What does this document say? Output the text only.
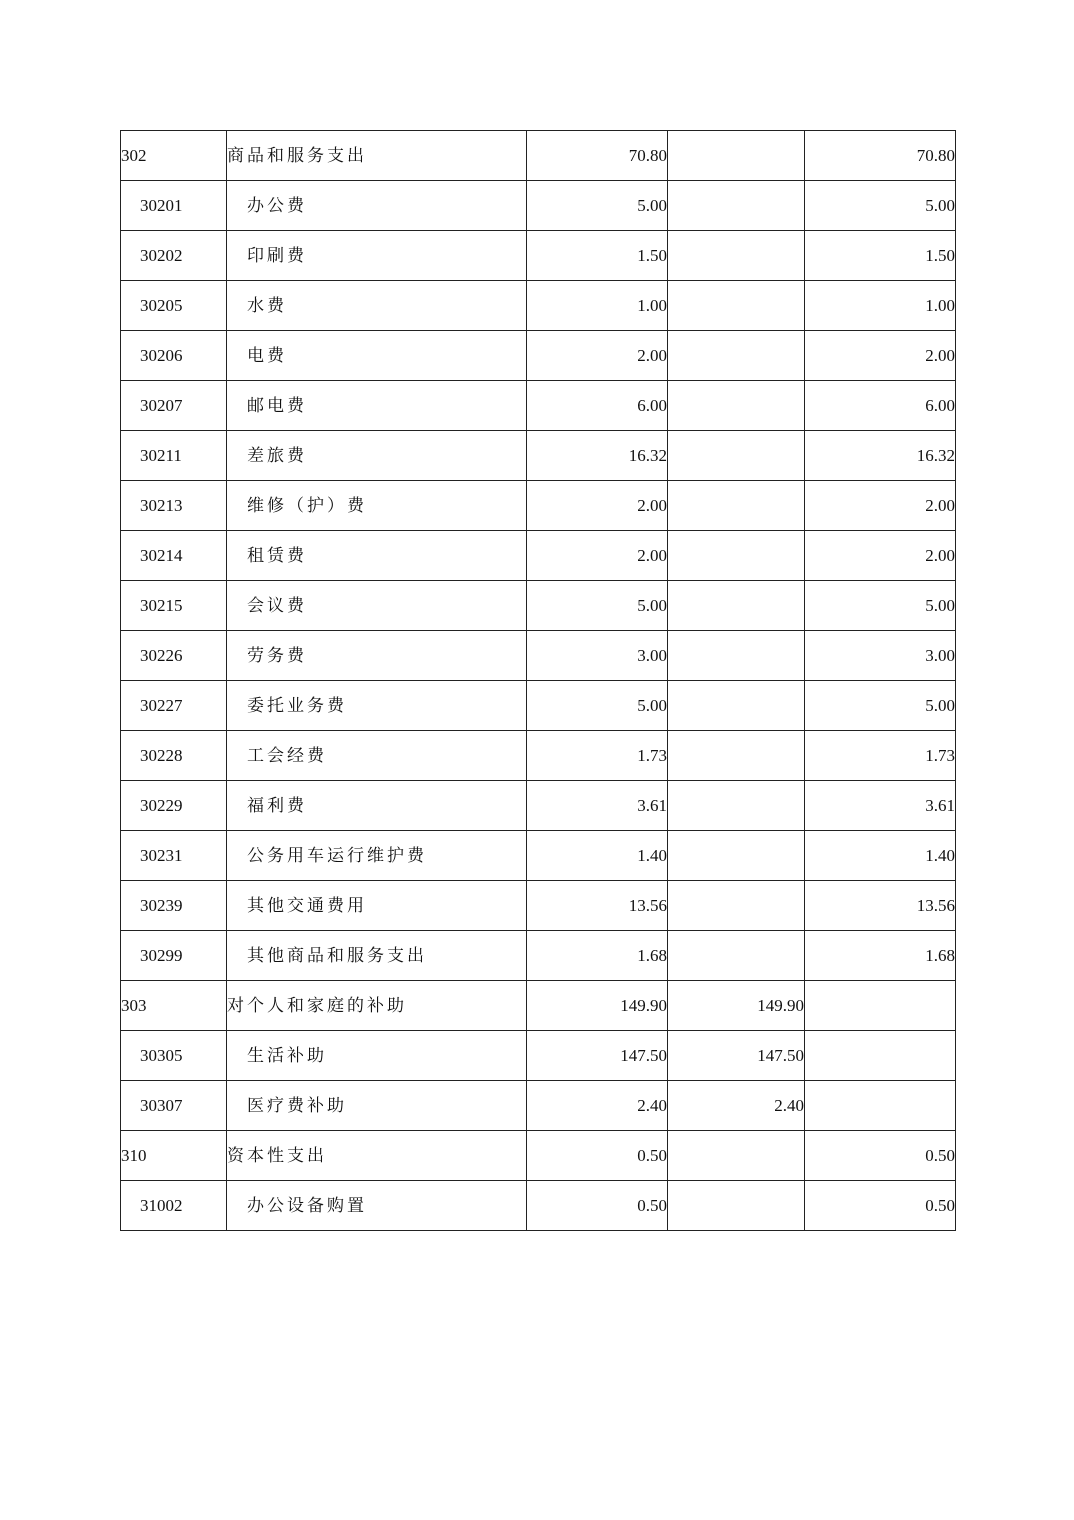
302	商品和服务支出	70.80		70.80
30201	办公费	5.00		5.00
30202	印刷费	1.50		1.50
30205	水费	1.00		1.00
30206	电费	2.00		2.00
30207	邮电费	6.00		6.00
30211	差旅费	16.32		16.32
30213	维修（护）费	2.00		2.00
30214	租赁费	2.00		2.00
30215	会议费	5.00		5.00
30226	劳务费	3.00		3.00
30227	委托业务费	5.00		5.00
30228	工会经费	1.73		1.73
30229	福利费	3.61		3.61
30231	公务用车运行维护费	1.40		1.40
30239	其他交通费用	13.56		13.56
30299	其他商品和服务支出	1.68		1.68
303	对个人和家庭的补助	149.90	149.90	
30305	生活补助	147.50	147.50	
30307	医疗费补助	2.40	2.40	
310	资本性支出	0.50		0.50
31002	办公设备购置	0.50		0.50
